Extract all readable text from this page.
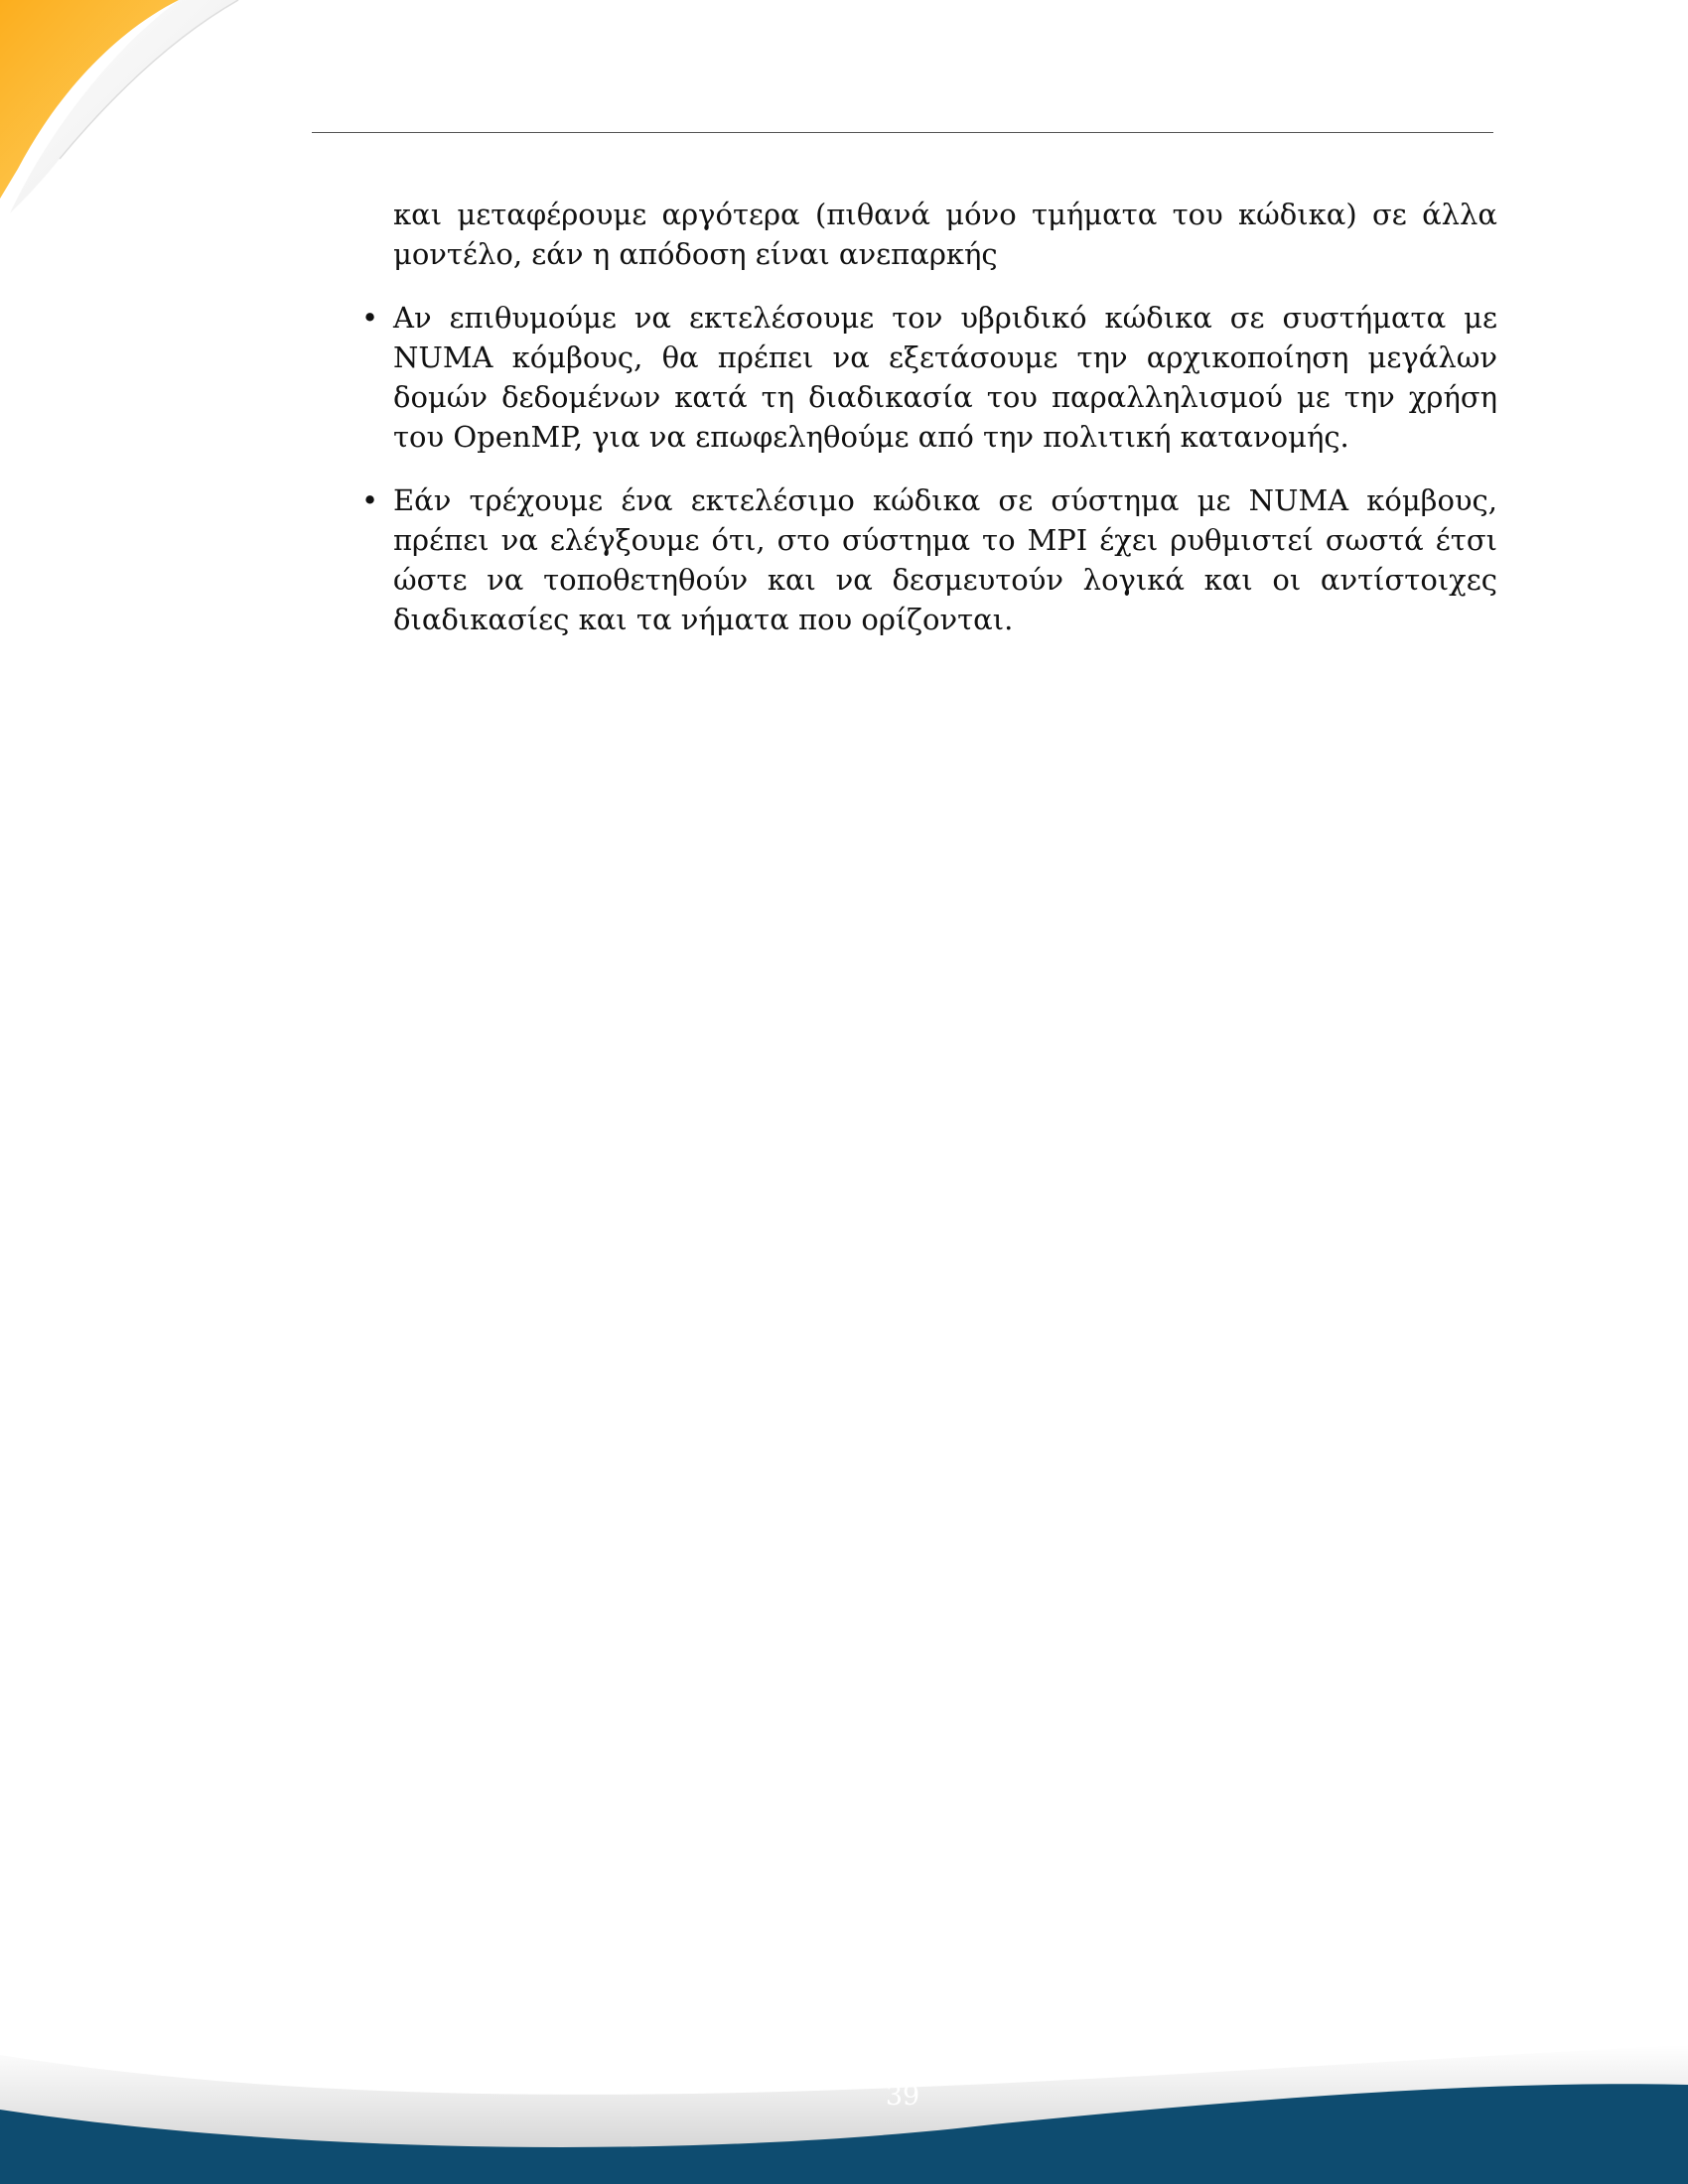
και μεταφέρουμε αργότερα (πιθανά μόνο τμήματα του κώδικα) σε άλλα μοντέλο, εάν η απόδοση είναι ανεπαρκής

• Αν επιθυμούμε να εκτελέσουμε τον υβριδικό κώδικα σε συστήματα με NUMA κόμβους, θα πρέπει να εξετάσουμε την αρχικοποίηση μεγάλων δομών δεδομένων κατά τη διαδικασία του παραλληλισμού με την χρήση του OpenMP, για να επωφεληθούμε από την πολιτική κατανομής.
• Εάν τρέχουμε ένα εκτελέσιμο κώδικα σε σύστημα με NUMA κόμβους, πρέπει να ελέγξουμε ότι, στο σύστημα το MPI έχει ρυθμιστεί σωστά έτσι ώστε να τοποθετηθούν και να δεσμευτούν λογικά και οι αντίστοιχες διαδικασίες και τα νήματα που ορίζονται.
39
